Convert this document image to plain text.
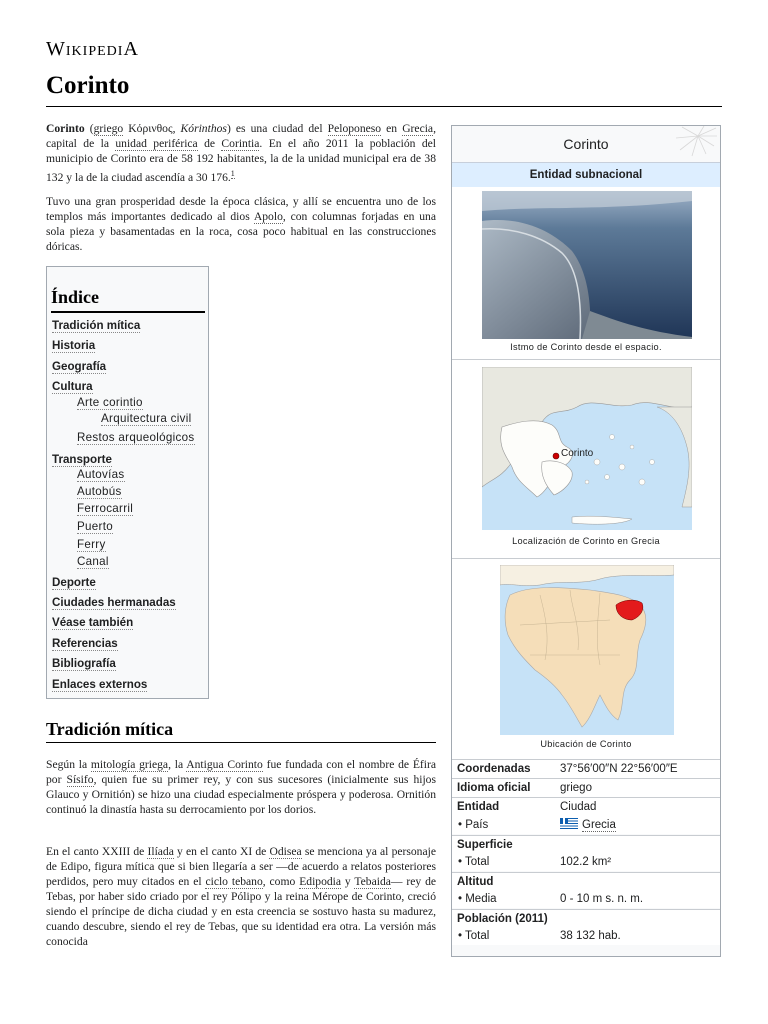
WikipediA
Corinto
Corinto (griego Κόρινθος, Kórinthos) es una ciudad del Peloponeso en Grecia, capital de la unidad periférica de Corintia. En el año 2011 la población del municipio de Corinto era de 58 192 habitantes, la de la unidad municipal era de 38 132 y la de la ciudad ascendía a 30 176.$^1$
Tuvo una gran prosperidad desde la época clásica, y allí se encuentra uno de los templos más importantes dedicado al dios Apolo, con columnas forjadas en una sola pieza y basamentadas en la roca, cosa poco habitual en las construcciones dóricas.
Índice
Tradición mítica
Historia
Geografía
Cultura
Arte corintio
Arquitectura civil
Restos arqueológicos
Transporte
Autovías
Autobús
Ferrocarril
Puerto
Ferry
Canal
Deporte
Ciudades hermanadas
Véase también
Referencias
Bibliografía
Enlaces externos
Tradición mítica
Según la mitología griega, la Antigua Corinto fue fundada con el nombre de Éfira por Sísifo, quien fue su primer rey, y con sus sucesores (inicialmente sus hijos Glauco y Ornitión) se hizo una ciudad especialmente próspera y poderosa. Ornitión continuó la dinastía hasta su derrocamiento por los dorios.
En el canto XXIII de Ilíada y en el canto XI de Odisea se menciona ya al personaje de Edipo, figura mítica que si bien llegaría a ser —de acuerdo a relatos posteriores perdidos, pero muy citados en el ciclo tebano, como Edipodia y Tebaida— rey de Tebas, por haber sido criado por el rey Pólipo y la reina Mérope de Corinto, creció siendo el príncipe de dicha ciudad y en esta creencia se sostuvo hasta su madurez, cuando descubre, siendo el rey de Tebas, que su identidad era otra. La versión más conocida
Corinto
Entidad subnacional
Istmo de Corinto desde el espacio.
Corinto
Localización de Corinto en Grecia
Ubicación de Corinto
Coordenadas	37°56′00″N 22°56′00″E
Idioma oficial	griego
Entidad	Ciudad
• País	Grecia
Superficie
• Total	102.2 km²
Altitud
• Media	0 - 10 m s. n. m.
Población (2011)
• Total	38 132 hab.
